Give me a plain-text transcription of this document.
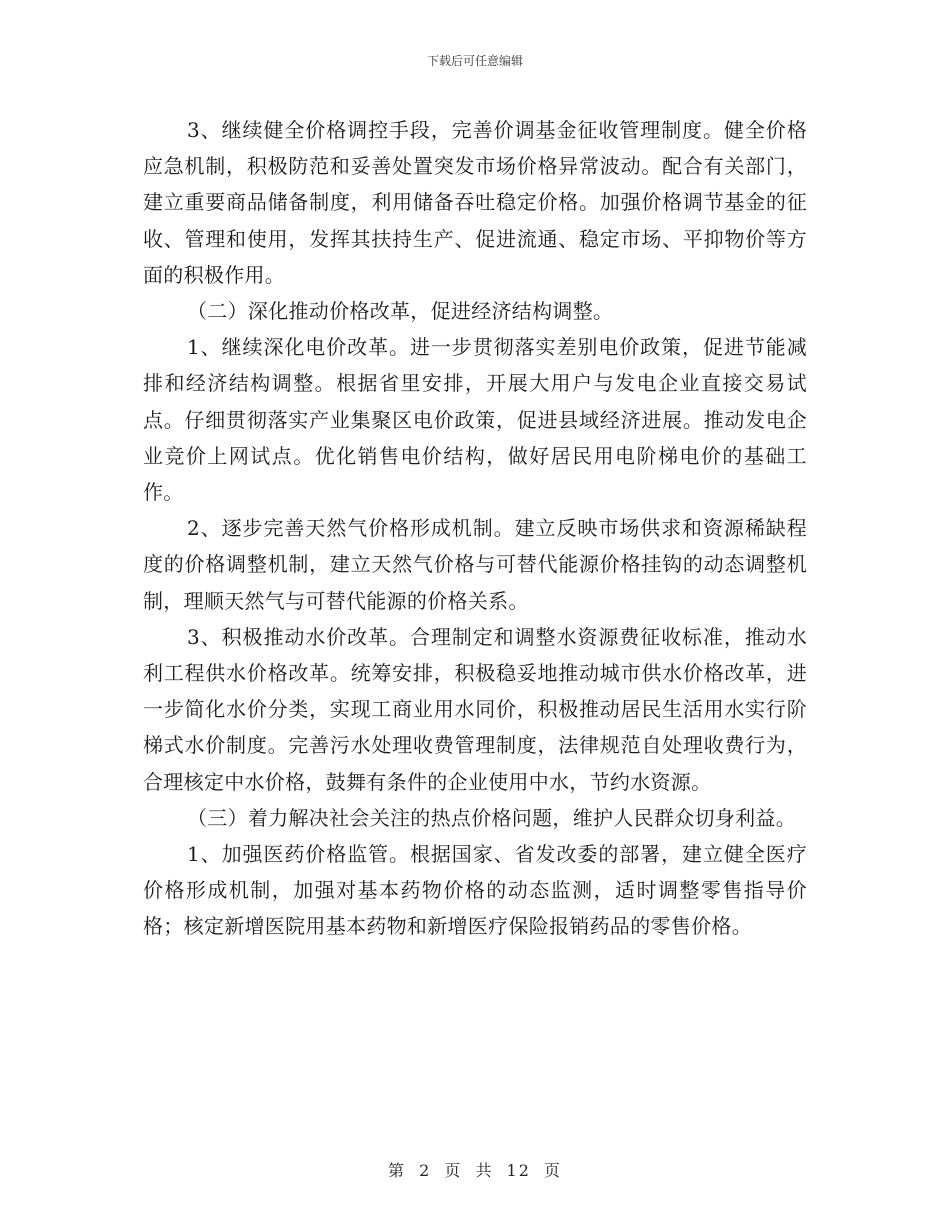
下载后可任意编辑

3、继续健全价格调控手段，完善价调基金征收管理制度。健全价格应急机制，积极防范和妥善处置突发市场价格异常波动。配合有关部门，建立重要商品储备制度，利用储备吞吐稳定价格。加强价格调节基金的征收、管理和使用，发挥其扶持生产、促进流通、稳定市场、平抑物价等方面的积极作用。

（二）深化推动价格改革，促进经济结构调整。

1、继续深化电价改革。进一步贯彻落实差别电价政策，促进节能减排和经济结构调整。根据省里安排，开展大用户与发电企业直接交易试点。仔细贯彻落实产业集聚区电价政策，促进县域经济进展。推动发电企业竞价上网试点。优化销售电价结构，做好居民用电阶梯电价的基础工作。

2、逐步完善天然气价格形成机制。建立反映市场供求和资源稀缺程度的价格调整机制，建立天然气价格与可替代能源价格挂钩的动态调整机制，理顺天然气与可替代能源的价格关系。

3、积极推动水价改革。合理制定和调整水资源费征收标准，推动水利工程供水价格改革。统筹安排，积极稳妥地推动城市供水价格改革，进一步简化水价分类，实现工商业用水同价，积极推动居民生活用水实行阶梯式水价制度。完善污水处理收费管理制度，法律规范自处理收费行为，合理核定中水价格，鼓舞有条件的企业使用中水，节约水资源。

（三）着力解决社会关注的热点价格问题，维护人民群众切身利益。

1、加强医药价格监管。根据国家、省发改委的部署，建立健全医疗价格形成机制，加强对基本药物价格的动态监测，适时调整零售指导价格；核定新增医院用基本药物和新增医疗保险报销药品的零售价格。

第 2 页 共 12 页
